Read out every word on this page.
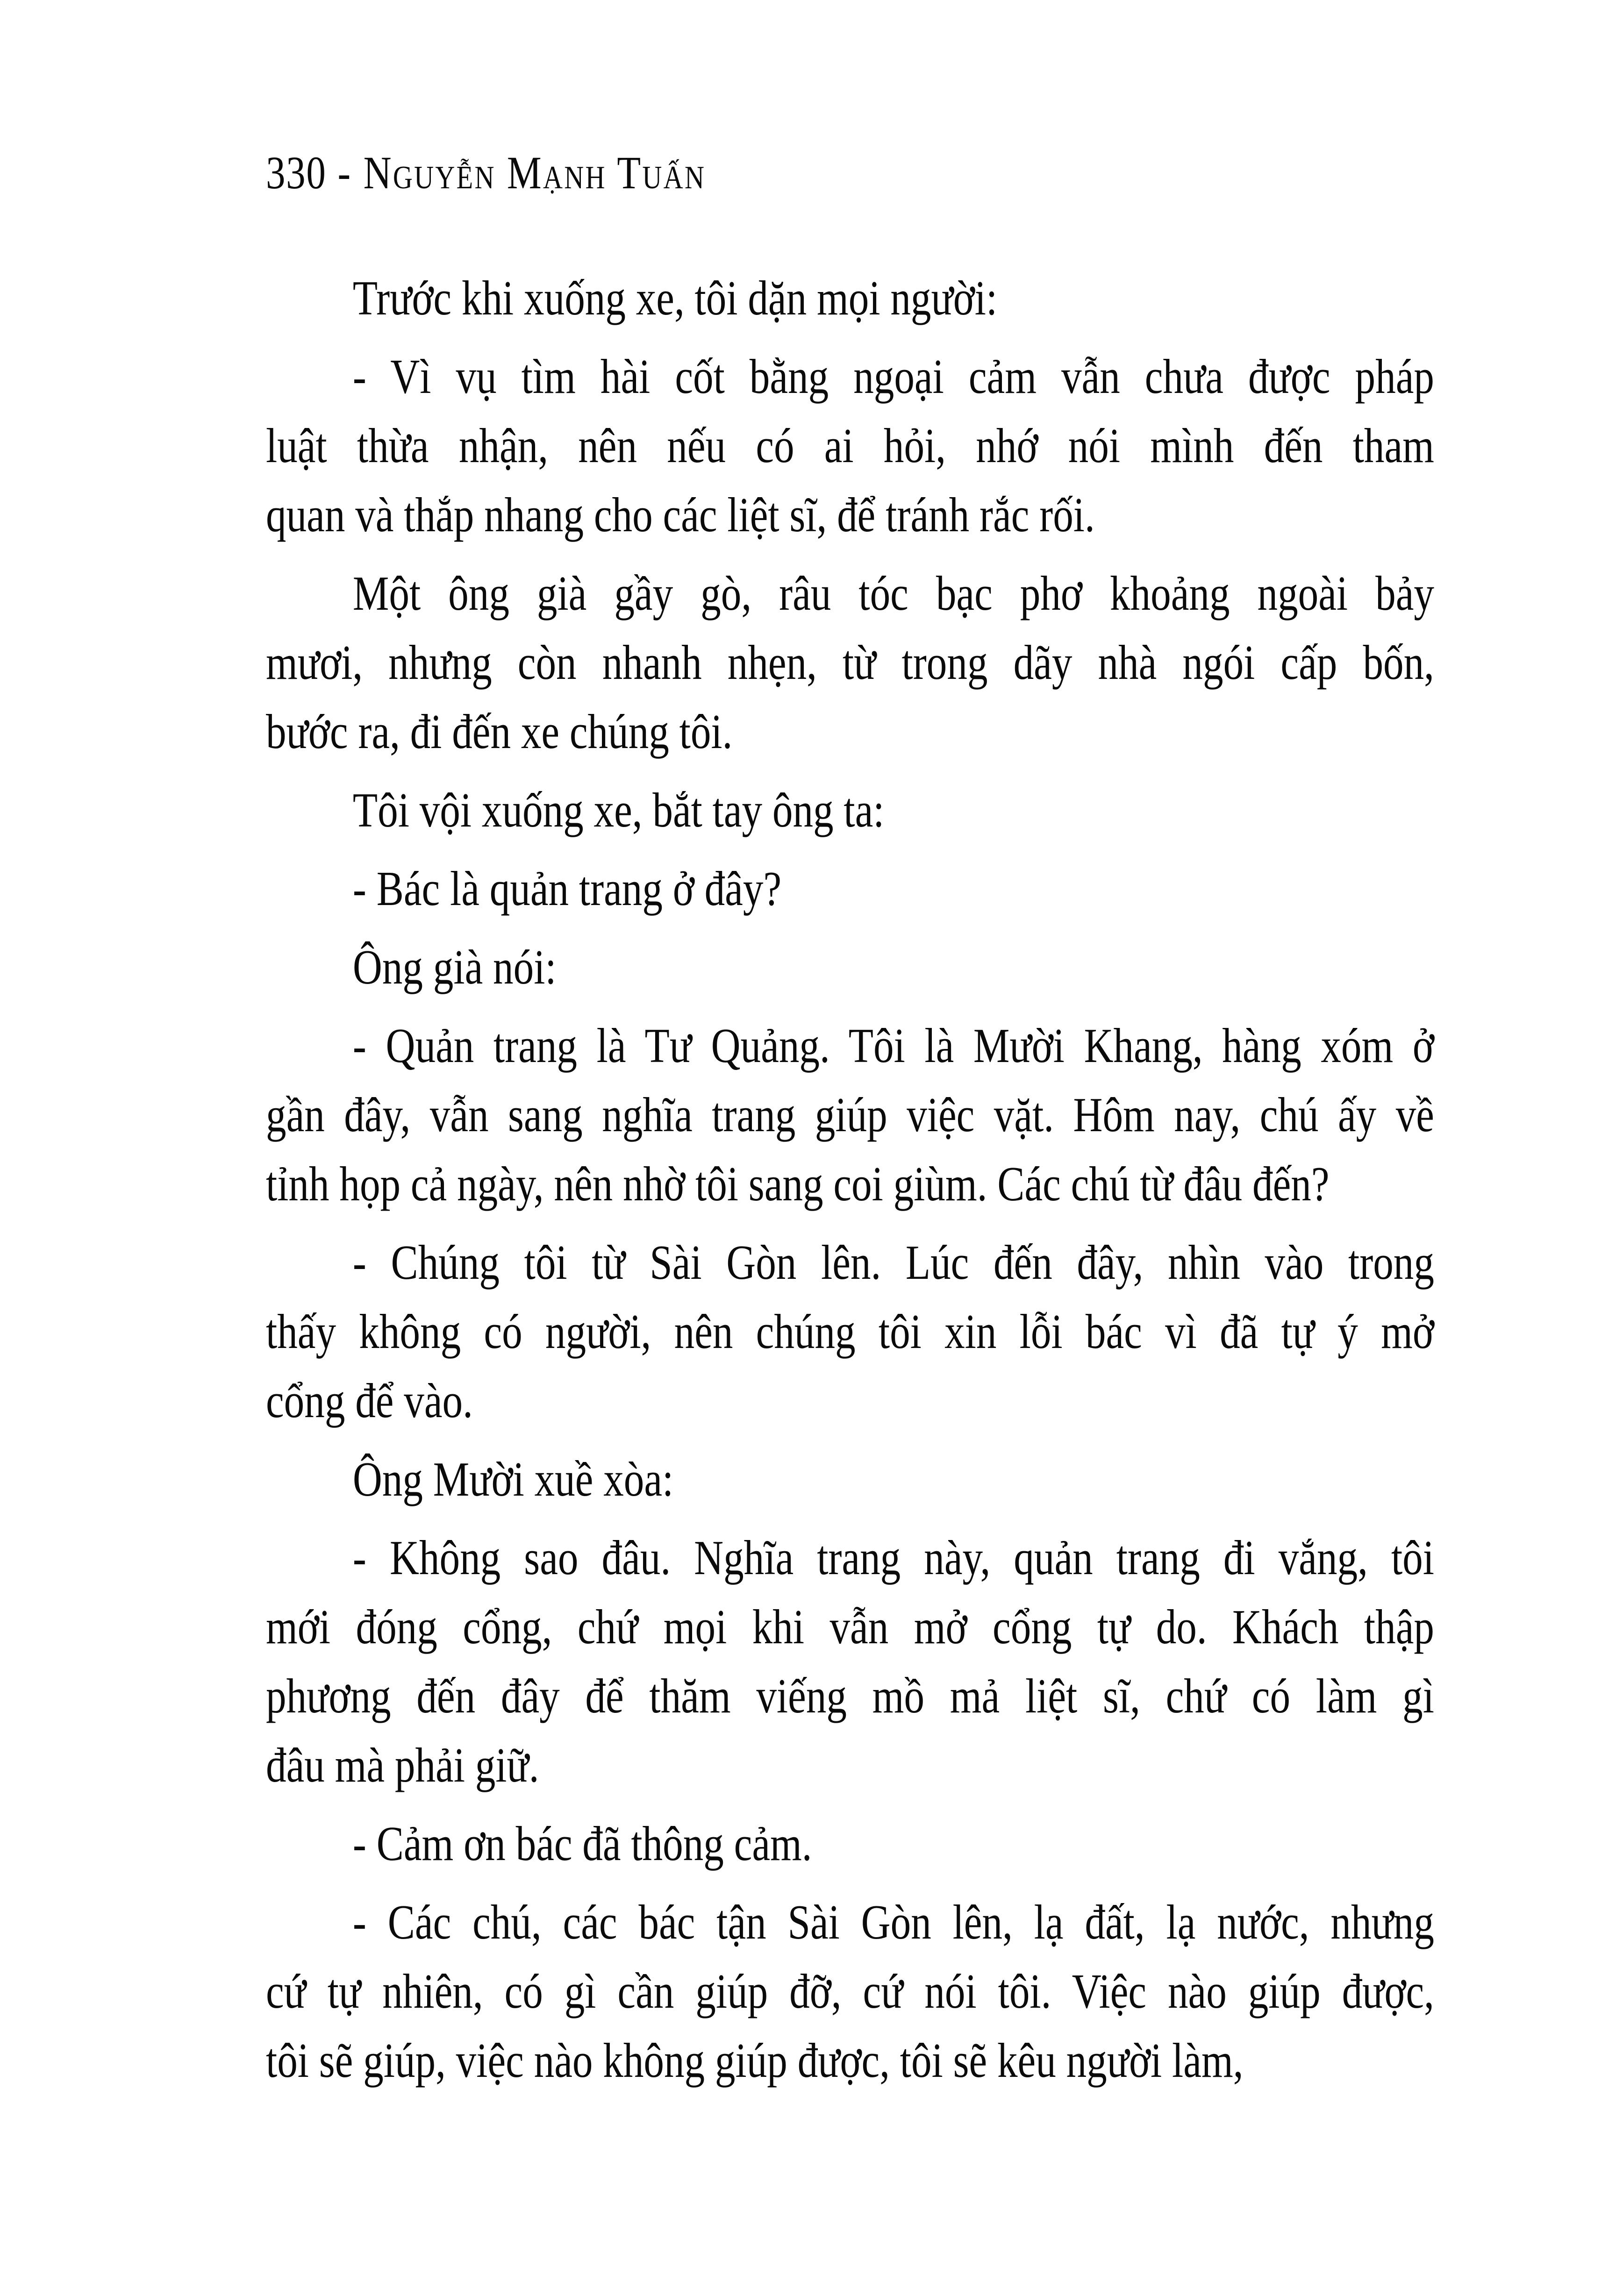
330 - Nguyễn Mạnh Tuấn
Trước khi xuống xe, tôi dặn mọi người:
- Vì vụ tìm hài cốt bằng ngoại cảm vẫn chưa được pháp
luật thừa nhận, nên nếu có ai hỏi, nhớ nói mình đến tham
quan và thắp nhang cho các liệt sĩ, để tránh rắc rối.
Một ông già gầy gò, râu tóc bạc phơ khoảng ngoài bảy
mươi, nhưng còn nhanh nhẹn, từ trong dãy nhà ngói cấp bốn,
bước ra, đi đến xe chúng tôi.
Tôi vội xuống xe, bắt tay ông ta:
- Bác là quản trang ở đây?
Ông già nói:
- Quản trang là Tư Quảng. Tôi là Mười Khang, hàng xóm ở
gần đây, vẫn sang nghĩa trang giúp việc vặt. Hôm nay, chú ấy về
tỉnh họp cả ngày, nên nhờ tôi sang coi giùm. Các chú từ đâu đến?
- Chúng tôi từ Sài Gòn lên. Lúc đến đây, nhìn vào trong
thấy không có người, nên chúng tôi xin lỗi bác vì đã tự ý mở
cổng để vào.
Ông Mười xuề xòa:
- Không sao đâu. Nghĩa trang này, quản trang đi vắng, tôi
mới đóng cổng, chứ mọi khi vẫn mở cổng tự do. Khách thập
phương đến đây để thăm viếng mồ mả liệt sĩ, chứ có làm gì
đâu mà phải giữ.
- Cảm ơn bác đã thông cảm.
- Các chú, các bác tận Sài Gòn lên, lạ đất, lạ nước, nhưng
cứ tự nhiên, có gì cần giúp đỡ, cứ nói tôi. Việc nào giúp được,
tôi sẽ giúp, việc nào không giúp được, tôi sẽ kêu người làm,
